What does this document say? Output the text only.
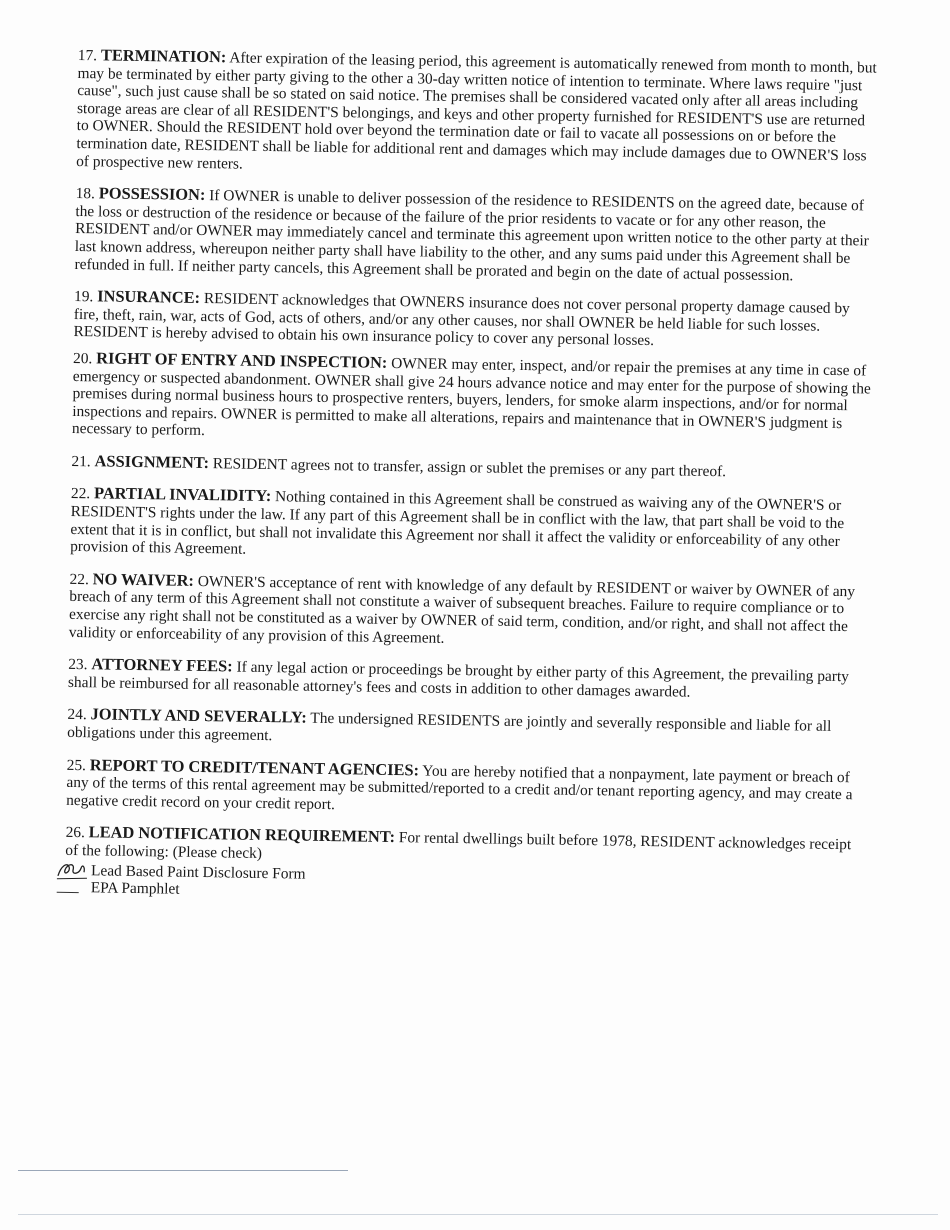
17. TERMINATION: After expiration of the leasing period, this agreement is automatically renewed from month to month, but may be terminated by either party giving to the other a 30-day written notice of intention to terminate. Where laws require "just cause", such just cause shall be so stated on said notice. The premises shall be considered vacated only after all areas including storage areas are clear of all RESIDENT'S belongings, and keys and other property furnished for RESIDENT'S use are returned to OWNER. Should the RESIDENT hold over beyond the termination date or fail to vacate all possessions on or before the termination date, RESIDENT shall be liable for additional rent and damages which may include damages due to OWNER'S loss of prospective new renters.

18. POSSESSION: If OWNER is unable to deliver possession of the residence to RESIDENTS on the agreed date, because of the loss or destruction of the residence or because of the failure of the prior residents to vacate or for any other reason, the RESIDENT and/or OWNER may immediately cancel and terminate this agreement upon written notice to the other party at their last known address, whereupon neither party shall have liability to the other, and any sums paid under this Agreement shall be refunded in full. If neither party cancels, this Agreement shall be prorated and begin on the date of actual possession.

19. INSURANCE: RESIDENT acknowledges that OWNERS insurance does not cover personal property damage caused by fire, theft, rain, war, acts of God, acts of others, and/or any other causes, nor shall OWNER be held liable for such losses. RESIDENT is hereby advised to obtain his own insurance policy to cover any personal losses.

20. RIGHT OF ENTRY AND INSPECTION: OWNER may enter, inspect, and/or repair the premises at any time in case of emergency or suspected abandonment. OWNER shall give 24 hours advance notice and may enter for the purpose of showing the premises during normal business hours to prospective renters, buyers, lenders, for smoke alarm inspections, and/or for normal inspections and repairs. OWNER is permitted to make all alterations, repairs and maintenance that in OWNER'S judgment is necessary to perform.

21. ASSIGNMENT: RESIDENT agrees not to transfer, assign or sublet the premises or any part thereof.

22. PARTIAL INVALIDITY: Nothing contained in this Agreement shall be construed as waiving any of the OWNER'S or RESIDENT'S rights under the law. If any part of this Agreement shall be in conflict with the law, that part shall be void to the extent that it is in conflict, but shall not invalidate this Agreement nor shall it affect the validity or enforceability of any other provision of this Agreement.

22. NO WAIVER: OWNER'S acceptance of rent with knowledge of any default by RESIDENT or waiver by OWNER of any breach of any term of this Agreement shall not constitute a waiver of subsequent breaches. Failure to require compliance or to exercise any right shall not be constituted as a waiver by OWNER of said term, condition, and/or right, and shall not affect the validity or enforceability of any provision of this Agreement.

23. ATTORNEY FEES: If any legal action or proceedings be brought by either party of this Agreement, the prevailing party shall be reimbursed for all reasonable attorney's fees and costs in addition to other damages awarded.

24. JOINTLY AND SEVERALLY: The undersigned RESIDENTS are jointly and severally responsible and liable for all obligations under this agreement.

25. REPORT TO CREDIT/TENANT AGENCIES: You are hereby notified that a nonpayment, late payment or breach of any of the terms of this rental agreement may be submitted/reported to a credit and/or tenant reporting agency, and may create a negative credit record on your credit report.

26. LEAD NOTIFICATION REQUIREMENT: For rental dwellings built before 1978, RESIDENT acknowledges receipt of the following: (Please check)

Lead Based Paint Disclosure Form
EPA Pamphlet
